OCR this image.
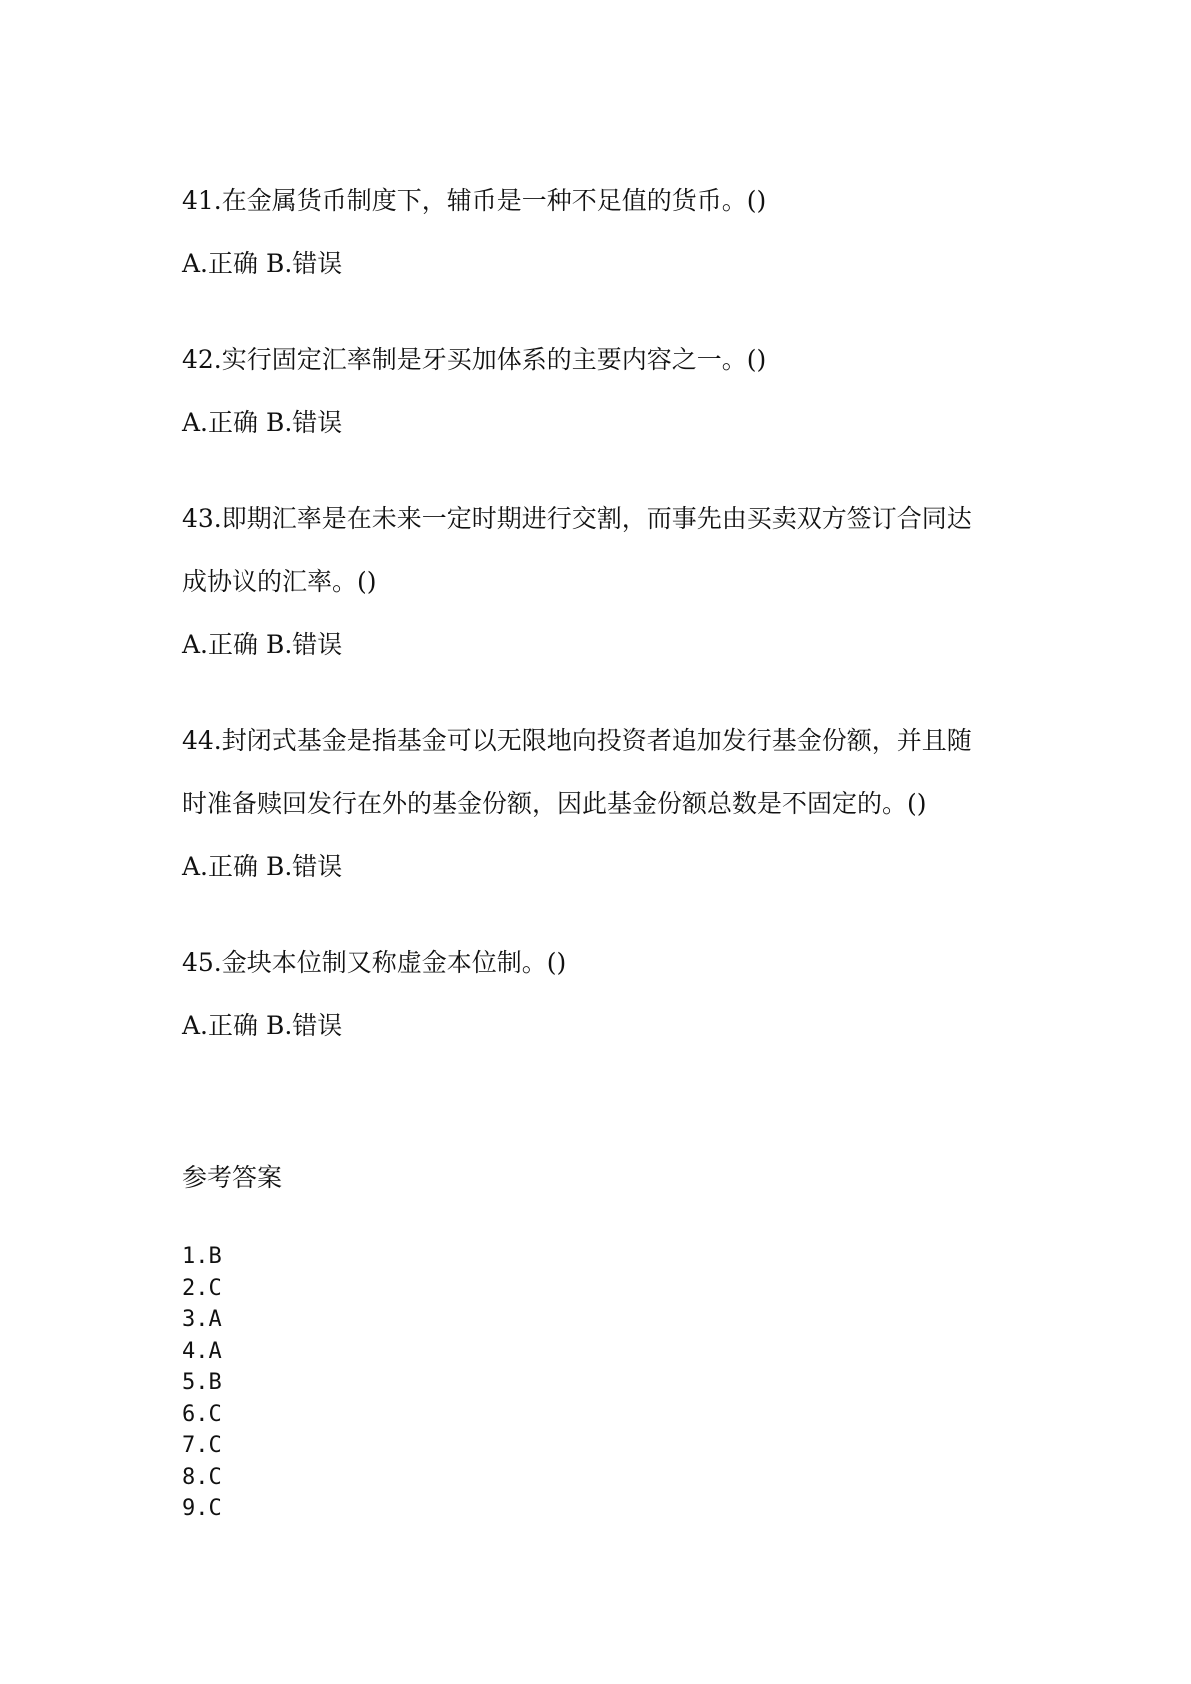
41.在金属货币制度下，辅币是一种不足值的货币。()
A.正确 B.错误
42.实行固定汇率制是牙买加体系的主要内容之一。()
A.正确 B.错误
43.即期汇率是在未来一定时期进行交割，而事先由买卖双方签订合同达
成协议的汇率。()
A.正确 B.错误
44.封闭式基金是指基金可以无限地向投资者追加发行基金份额，并且随
时准备赎回发行在外的基金份额，因此基金份额总数是不固定的。()
A.正确 B.错误
45.金块本位制又称虚金本位制。()
A.正确 B.错误
参考答案
1.B
2.C
3.A
4.A
5.B
6.C
7.C
8.C
9.C
